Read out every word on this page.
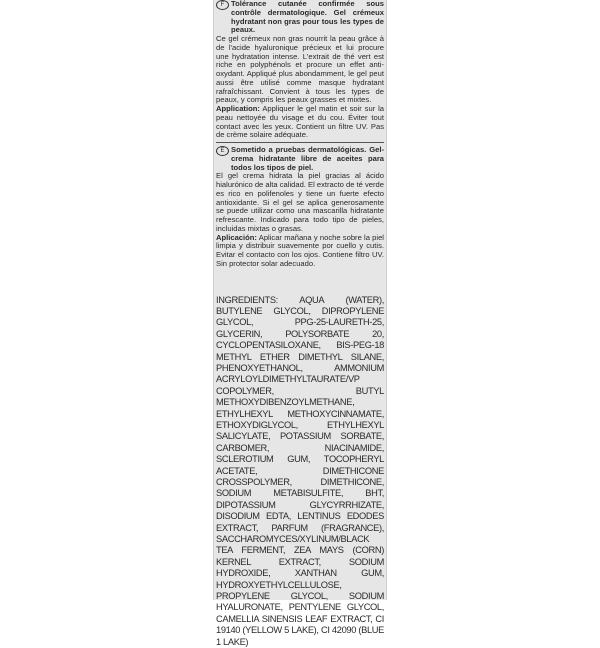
F Tolérance cutanée confirmée sous contrôle dermatologique. Gel crémeux hydratant non gras pour tous les types de peaux.
Ce gel crémeux non gras nourrit la peau grâce à de l'acide hyaluronique précieux et lui procure une hydratation intense. L'extrait de thé vert est riche en polyphénols et procure un effet anti-oxydant. Appliqué plus abondamment, le gel peut aussi être utilisé comme masque hydratant rafraîchissant. Convient à tous les types de peaux, y compris les peaux grasses et mixtes.
Application: Appliquer le gel matin et soir sur la peau nettoyée du visage et du cou. Éviter tout contact avec les yeux. Contient un filtre UV. Pas de crème solaire adéquate.
E Sometido a pruebas dermatológicas. Gel-crema hidratante libre de aceites para todos los tipos de piel.
El gel crema hidrata la piel gracias al ácido hialurónico de alta calidad. El extracto de té verde es rico en polifenoles y tiene un fuerte efecto antioxidante. Si el gel se aplica generosamente se puede utilizar como una mascarilla hidratante refrescante. Indicado para todo tipo de pieles, incluidas mixtas o grasas.
Aplicación: Aplicar mañana y noche sobre la piel limpia y distribuir suavemente por cuello y cutis. Evitar el contacto con los ojos. Contiene filtro UV. Sin protector solar adecuado.
INGREDIENTS: AQUA (WATER), BUTYLENE GLYCOL, DIPROPYLENE GLYCOL, PPG-25-LAURETH-25, GLYCERIN, POLYSORBATE 20, CYCLOPENTASILOXANE, BIS-PEG-18 METHYL ETHER DIMETHYL SILANE, PHENOXYETHANOL, AMMONIUM ACRYLOYLDIMETHYLTAURATE/VP COPOLYMER, BUTYL METHOXYDIBENZOYLMETHANE, ETHYLHEXYL METHOXYCINNAMATE, ETHOXYDIGLYCOL, ETHYLHEXYL SALICYLATE, POTASSIUM SORBATE, CARBOMER, NIACINAMIDE, SCLEROTIUM GUM, TOCOPHERYL ACETATE, DIMETHICONE CROSSPOLYMER, DIMETHICONE, SODIUM METABISULFITE, BHT, DIPOTASSIUM GLYCYRRHIZATE, DISODIUM EDTA, LENTINUS EDODES EXTRACT, PARFUM (FRAGRANCE), SACCHAROMYCES/XYLINUM/BLACK TEA FERMENT, ZEA MAYS (CORN) KERNEL EXTRACT, SODIUM HYDROXIDE, XANTHAN GUM, HYDROXYETHYLCELLULOSE, PROPYLENE GLYCOL, SODIUM HYALURONATE, PENTYLENE GLYCOL, CAMELLIA SINENSIS LEAF EXTRACT, CI 19140 (YELLOW 5 LAKE), CI 42090 (BLUE 1 LAKE)
